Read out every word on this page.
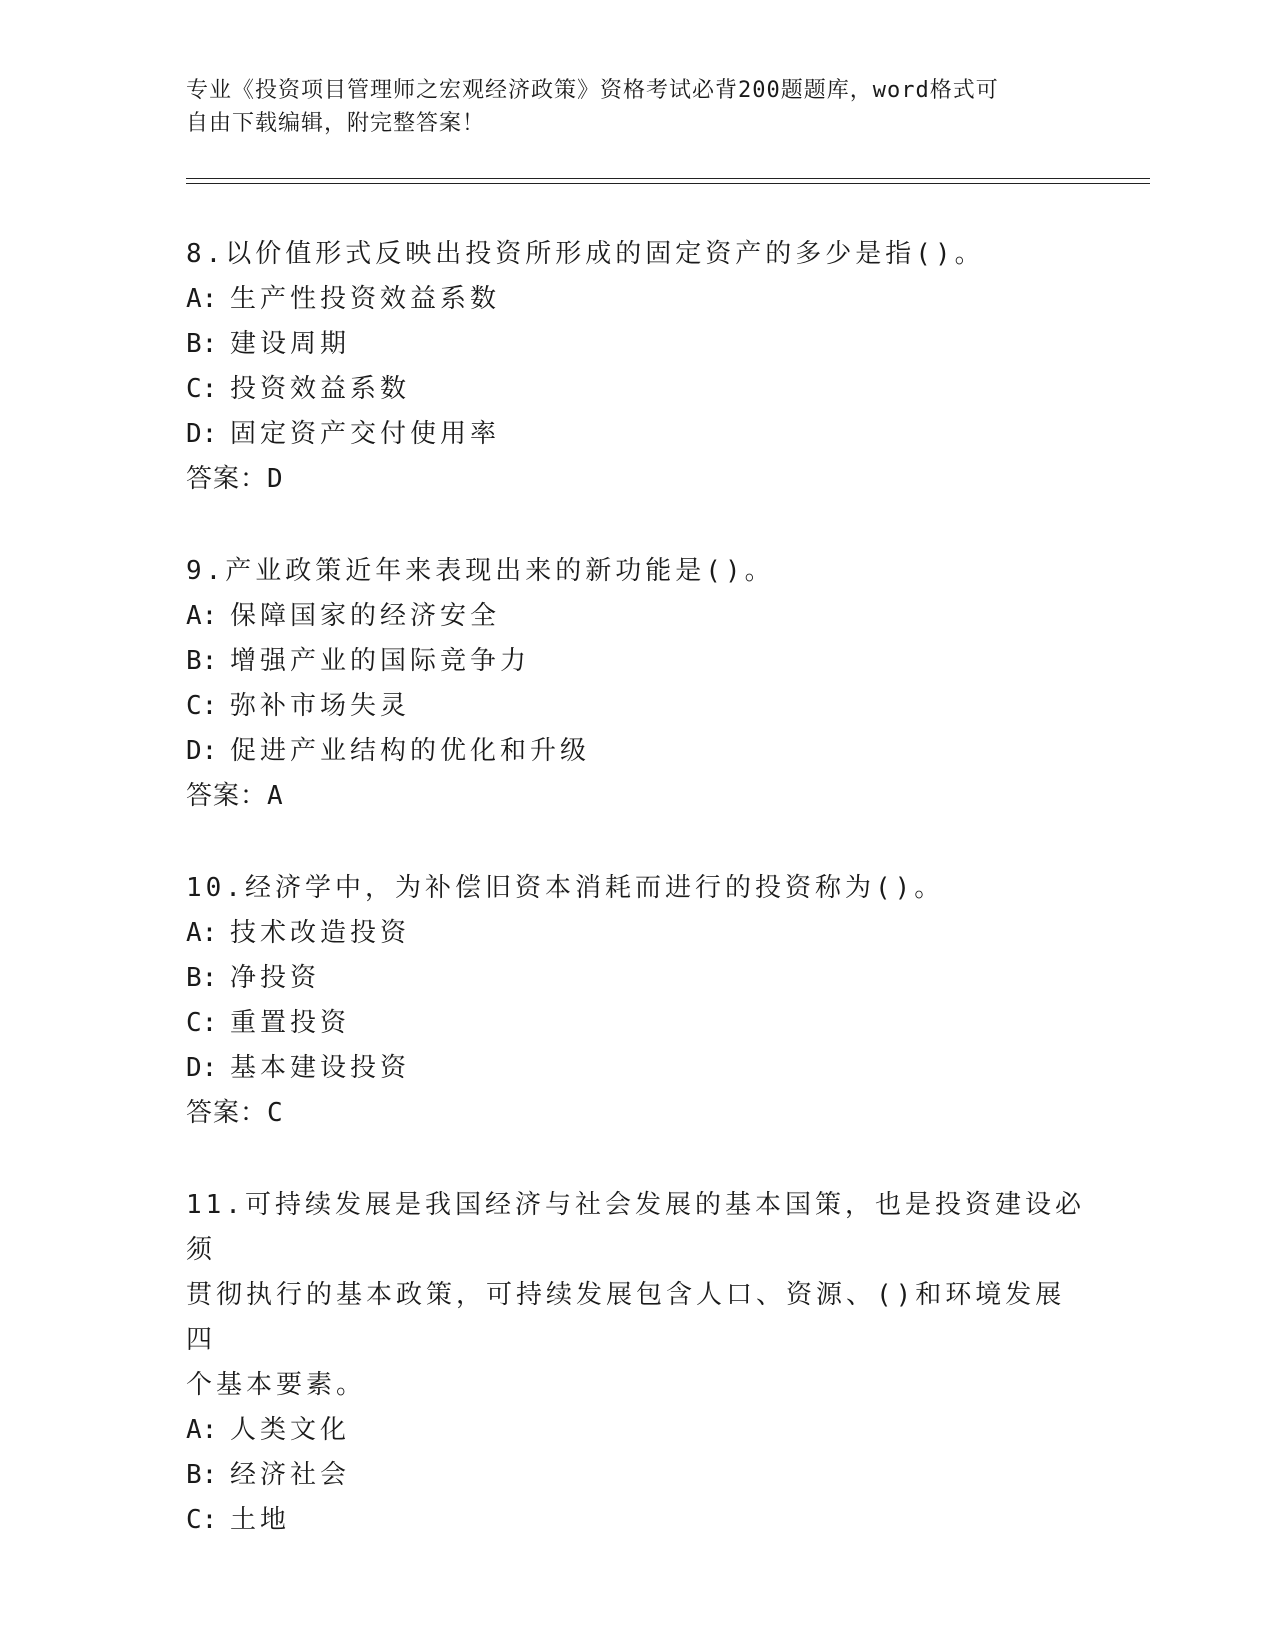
专业《投资项目管理师之宏观经济政策》资格考试必背200题题库，word格式可
自由下载编辑，附完整答案！
8.以价值形式反映出投资所形成的固定资产的多少是指()。
A: 生产性投资效益系数
B: 建设周期
C: 投资效益系数
D: 固定资产交付使用率
答案：D
9.产业政策近年来表现出来的新功能是()。
A: 保障国家的经济安全
B: 增强产业的国际竞争力
C: 弥补市场失灵
D: 促进产业结构的优化和升级
答案：A
10.经济学中，为补偿旧资本消耗而进行的投资称为()。
A: 技术改造投资
B: 净投资
C: 重置投资
D: 基本建设投资
答案：C
11.可持续发展是我国经济与社会发展的基本国策，也是投资建设必须
贯彻执行的基本政策，可持续发展包含人口、资源、()和环境发展四
个基本要素。
A: 人类文化
B: 经济社会
C: 土地
